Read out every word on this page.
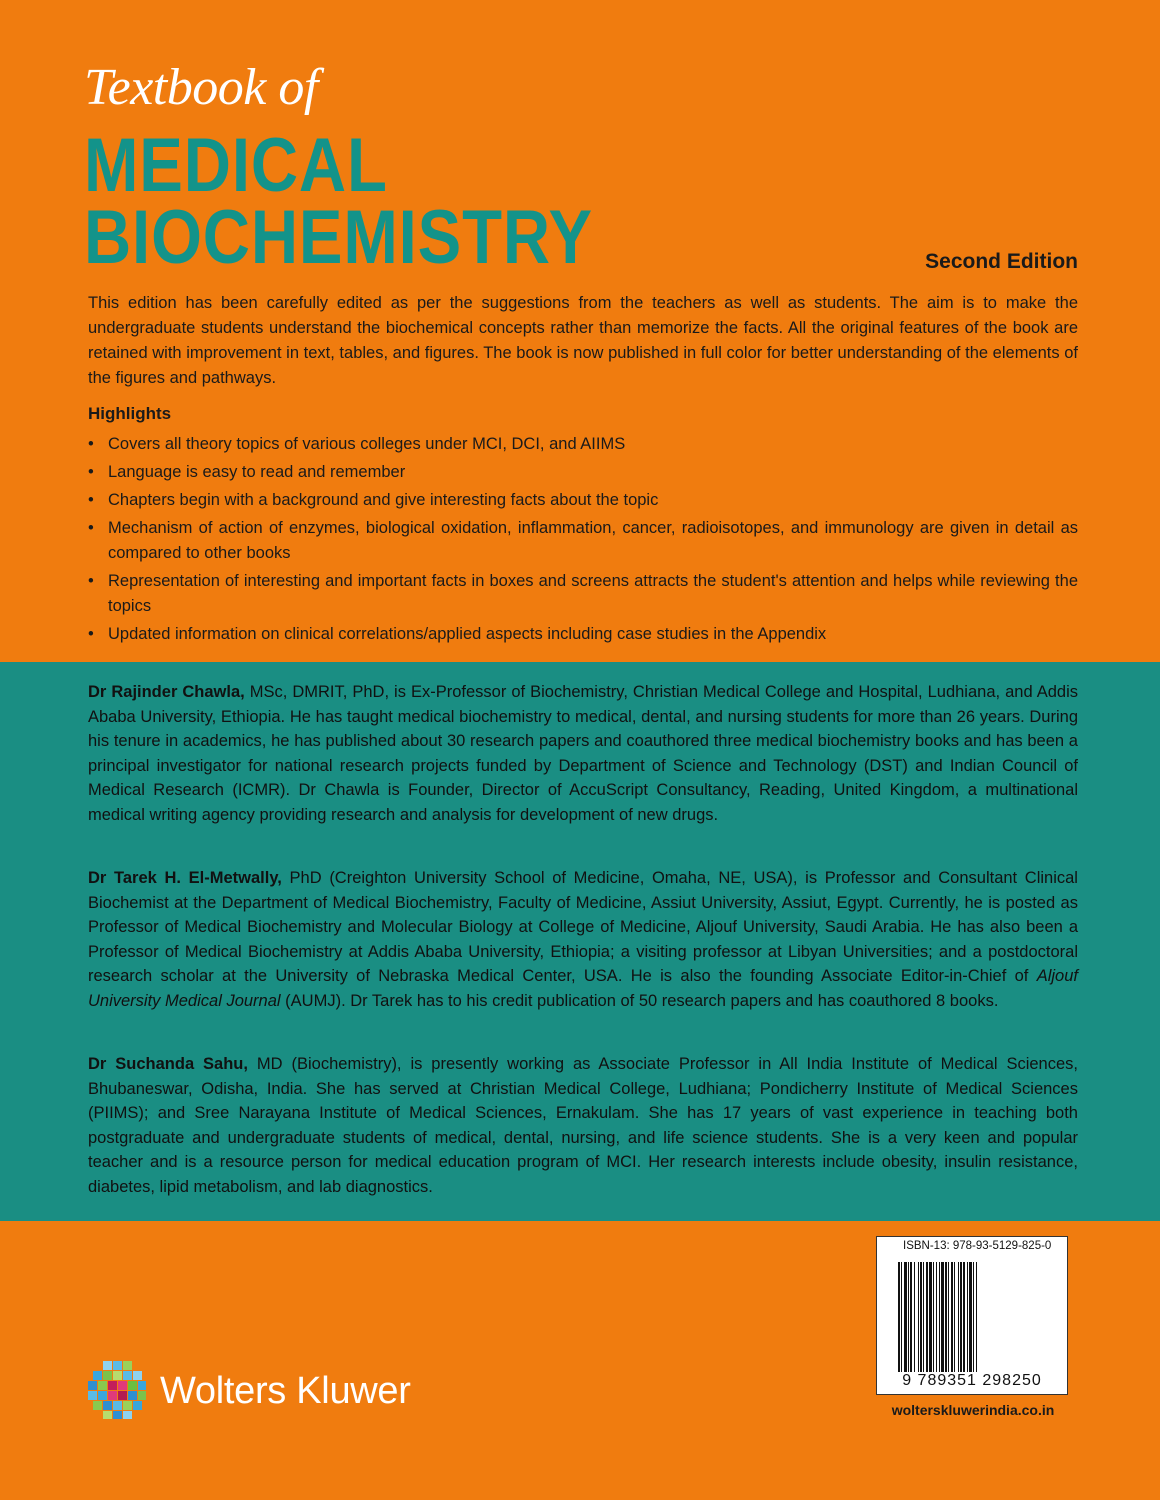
Textbook of
MEDICAL
BIOCHEMISTRY	Second Edition

This edition has been carefully edited as per the suggestions from the teachers as well as students. The aim is to make the undergraduate students understand the biochemical concepts rather than memorize the facts. All the original features of the book are retained with improvement in text, tables, and figures. The book is now published in full color for better understanding of the elements of the figures and pathways.

Highlights
• Covers all theory topics of various colleges under MCI, DCI, and AIIMS
• Language is easy to read and remember
• Chapters begin with a background and give interesting facts about the topic
• Mechanism of action of enzymes, biological oxidation, inflammation, cancer, radioisotopes, and immunology are given in detail as compared to other books
• Representation of interesting and important facts in boxes and screens attracts the student's attention and helps while reviewing the topics
• Updated information on clinical correlations/applied aspects including case studies in the Appendix

Dr Rajinder Chawla, MSc, DMRIT, PhD, is Ex-Professor of Biochemistry, Christian Medical College and Hospital, Ludhiana, and Addis Ababa University, Ethiopia. He has taught medical biochemistry to medical, dental, and nursing students for more than 26 years. During his tenure in academics, he has published about 30 research papers and coauthored three medical biochemistry books and has been a principal investigator for national research projects funded by Department of Science and Technology (DST) and Indian Council of Medical Research (ICMR). Dr Chawla is Founder, Director of AccuScript Consultancy, Reading, United Kingdom, a multinational medical writing agency providing research and analysis for development of new drugs.

Dr Tarek H. El-Metwally, PhD (Creighton University School of Medicine, Omaha, NE, USA), is Professor and Consultant Clinical Biochemist at the Department of Medical Biochemistry, Faculty of Medicine, Assiut University, Assiut, Egypt. Currently, he is posted as Professor of Medical Biochemistry and Molecular Biology at College of Medicine, Aljouf University, Saudi Arabia. He has also been a Professor of Medical Biochemistry at Addis Ababa University, Ethiopia; a visiting professor at Libyan Universities; and a postdoctoral research scholar at the University of Nebraska Medical Center, USA. He is also the founding Associate Editor-in-Chief of Aljouf University Medical Journal (AUMJ). Dr Tarek has to his credit publication of 50 research papers and has coauthored 8 books.

Dr Suchanda Sahu, MD (Biochemistry), is presently working as Associate Professor in All India Institute of Medical Sciences, Bhubaneswar, Odisha, India. She has served at Christian Medical College, Ludhiana; Pondicherry Institute of Medical Sciences (PIIMS); and Sree Narayana Institute of Medical Sciences, Ernakulam. She has 17 years of vast experience in teaching both postgraduate and undergraduate students of medical, dental, nursing, and life science students. She is a very keen and popular teacher and is a resource person for medical education program of MCI. Her research interests include obesity, insulin resistance, diabetes, lipid metabolism, and lab diagnostics.

ISBN-13: 978-93-5129-825-0
9 789351 298250
wolterskluwerindia.co.in
Wolters Kluwer
